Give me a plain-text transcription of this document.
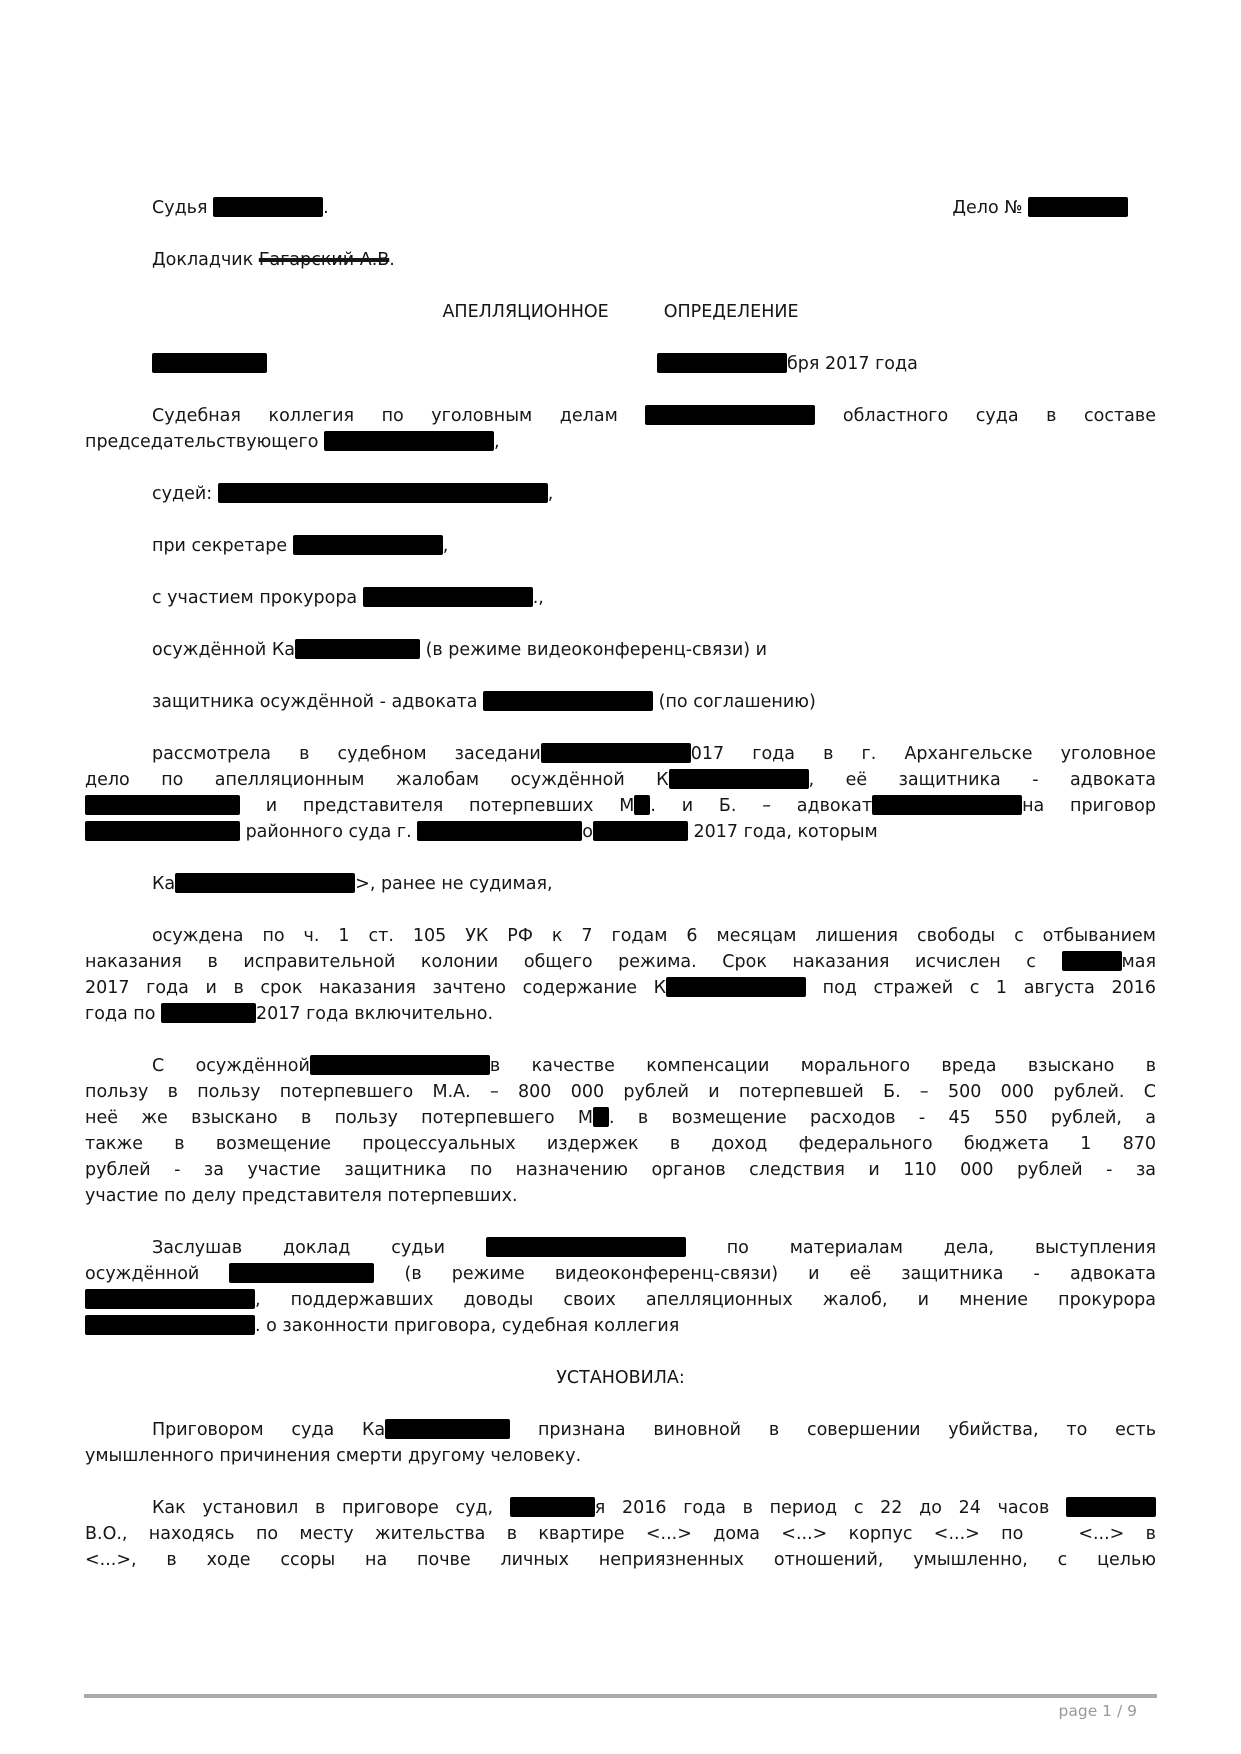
Судья	.	Дело №
Докладчик Гагарский А.В.
АПЕЛЛЯЦИОННОЕ	ОПРЕДЕЛЕНИЕ
бря 2017 года
Судебная коллегия по уголовным делам	областного суда в составе
председательствующего	,
судей:	,
при секретаре	,
с участием прокурора	.,
осуждённой Ка	(в режиме видеоконференц-связи) и
защитника осуждённой - адвоката	(по соглашению)
рассмотрела в судебном заседани	017 года в г. Архангельске уголовное
дело по апелляционным жалобам осуждённой К	, её защитника - адвоката
и представителя потерпевших М . и Б. – адвокат	на приговор
районного суда г.	о	2017 года, которым
Ка	>, ранее не судимая,
осуждена по ч. 1 ст. 105 УК РФ к 7 годам 6 месяцам лишения свободы с отбыванием
наказания в исправительной колонии общего режима. Срок наказания исчислен с	мая
2017 года и в срок наказания зачтено содержание К	под стражей с 1 августа 2016
года по	2017 года включительно.
С осуждённой	в качестве компенсации морального вреда взыскано в
пользу в пользу потерпевшего М.А. – 800 000 рублей и потерпевшей Б. – 500 000 рублей. С
неё же взыскано в пользу потерпевшего М . в возмещение расходов - 45 550 рублей, а
также в возмещение процессуальных издержек в доход федерального бюджета 1 870
рублей - за участие защитника по назначению органов следствия и 110 000 рублей - за
участие по делу представителя потерпевших.
Заслушав доклад судьи	по материалам дела, выступления
осуждённой	(в режиме видеоконференц-связи) и её защитника - адвоката
, поддержавших доводы своих апелляционных жалоб, и мнение прокурора
. о законности приговора, судебная коллегия
УСТАНОВИЛА:
Приговором суда Ка	признана виновной в совершении убийства, то есть
умышленного причинения смерти другому человеку.
Как установил в приговоре суд,	я 2016 года в период с 22 до 24 часов
В.О., находясь по месту жительства в квартире <...> дома <...> корпус <...> по	<...> в
<...>, в ходе ссоры на почве личных неприязненных отношений, умышленно, с целью
page 1 / 9
